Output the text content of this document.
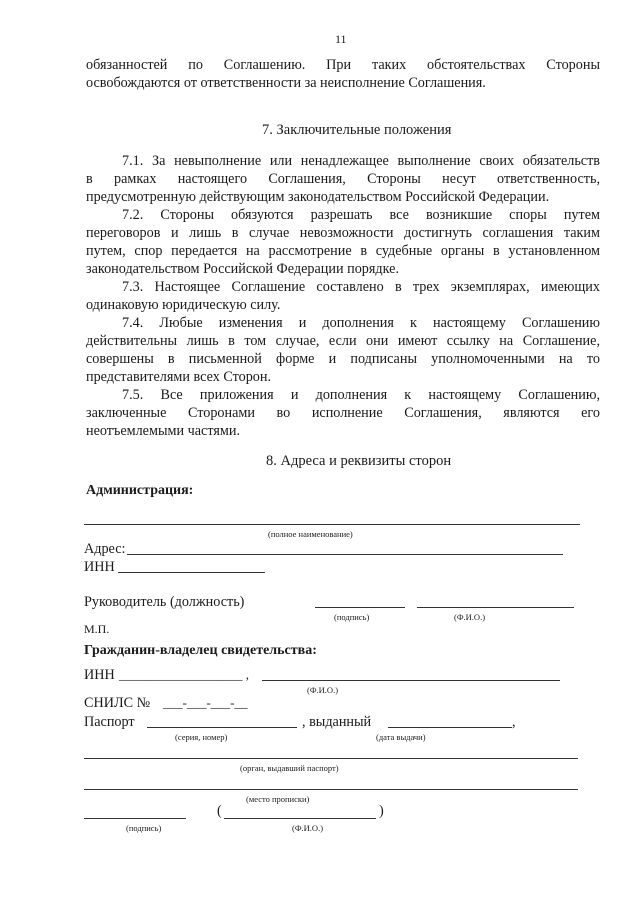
11
обязанностей по Соглашению. При таких обстоятельствах Стороны
освобождаются от ответственности за неисполнение Соглашения.
7. Заключительные положения
7.1. За невыполнение или ненадлежащее выполнение своих обязательств
в рамках настоящего Соглашения, Стороны несут ответственность,
предусмотренную действующим законодательством Российской Федерации.
7.2. Стороны обязуются разрешать все возникшие споры путем
переговоров и лишь в случае невозможности достигнуть соглашения таким
путем, спор передается на рассмотрение в судебные органы в установленном
законодательством Российской Федерации порядке.
7.3. Настоящее Соглашение составлено в трех экземплярах, имеющих
одинаковую юридическую силу.
7.4. Любые изменения и дополнения к настоящему Соглашению
действительны лишь в том случае, если они имеют ссылку на Соглашение,
совершены в письменной форме и подписаны уполномоченными на то
представителями всех Сторон.
7.5. Все приложения и дополнения к настоящему Соглашению,
заключенные Сторонами во исполнение Соглашения, являются его
неотъемлемыми частями.
8. Адреса и реквизиты сторон
Администрация:
(полное наименование)
Адрес:
ИНН
Руководитель (должность)
(подпись)	(Ф.И.О.)
М.П.
Гражданин-владелец свидетельства:
ИНН ___________________ ,
(Ф.И.О.)
СНИЛС № ___-___-___-__
Паспорт	, выданный	,
(серия, номер)	(дата выдачи)
(орган, выдавший паспорт)
(место прописки)
(	)
(подпись)	(Ф.И.О.)
